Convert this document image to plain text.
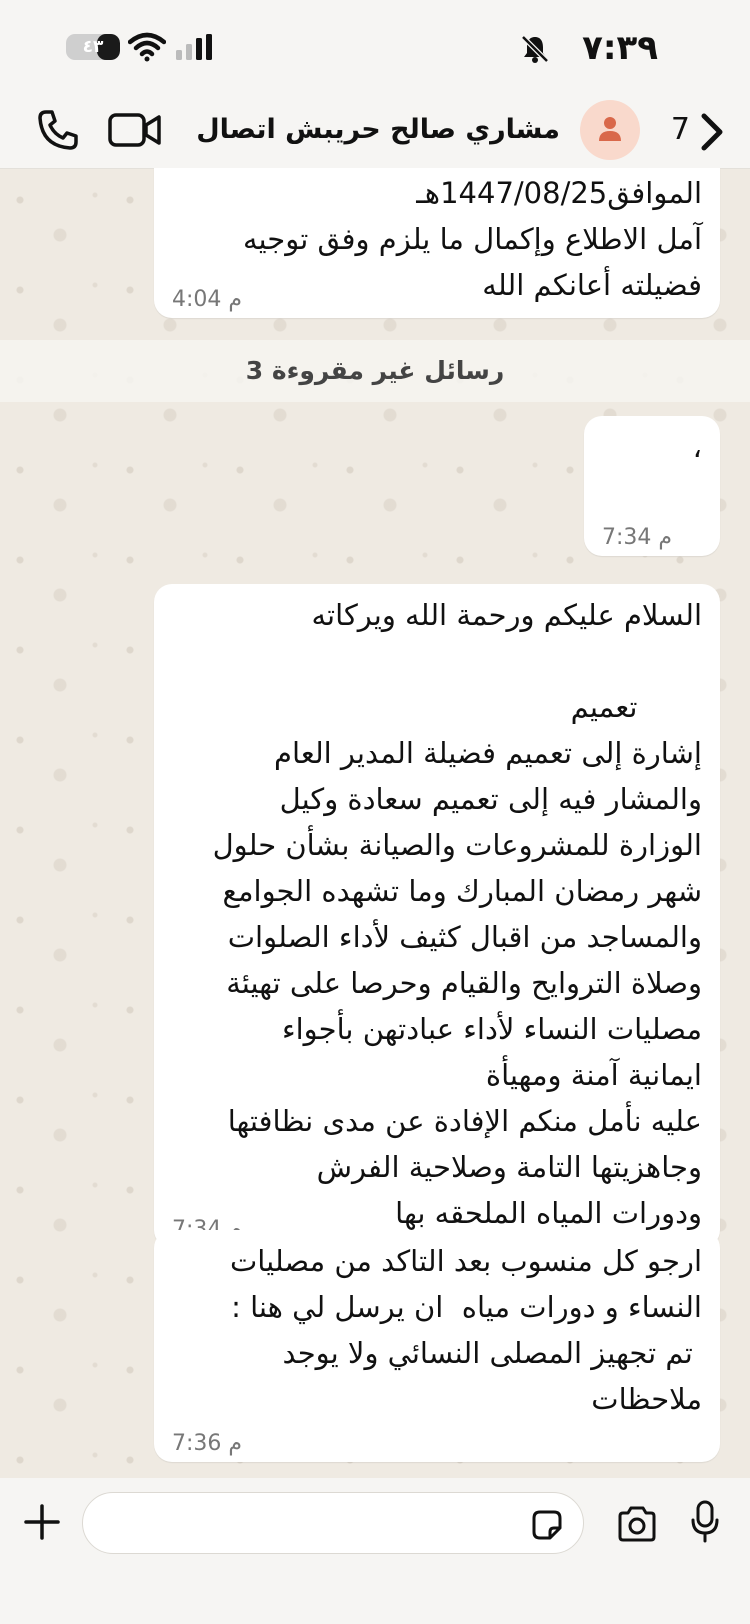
٤٣	٧:٣٩
7
مشاري صالح حريبش اتصال
الموافق1447/08/25هـ
آمل الاطلاع وإكمال ما يلزم وفق توجيه
فضيلته أعانكم الله
4:04 م
3 رسائل غير مقروءة
،

7:34 م
السلام عليكم ورحمة الله ويركاته

تعميم
إشارة إلى تعميم فضيلة المدير العام
والمشار فيه إلى تعميم سعادة وكيل
الوزارة للمشروعات والصيانة بشأن حلول
شهر رمضان المبارك وما تشهده الجوامع
والمساجد من اقبال كثيف لأداء الصلوات
وصلاة التروايح والقيام وحرصا على تهيئة
مصليات النساء لأداء عبادتهن بأجواء
ايمانية آمنة ومهيأة
عليه نأمل منكم الإفادة عن مدى نظافتها
وجاهزيتها التامة وصلاحية الفرش
ودورات المياه الملحقه بها
ارجو كل منسوب بعد التاكد من مصليات
النساء و دورات مياه  ان يرسل لي هنا :
تم تجهيز المصلى النسائي ولا يوجد
ملاحظات
7:36 م
